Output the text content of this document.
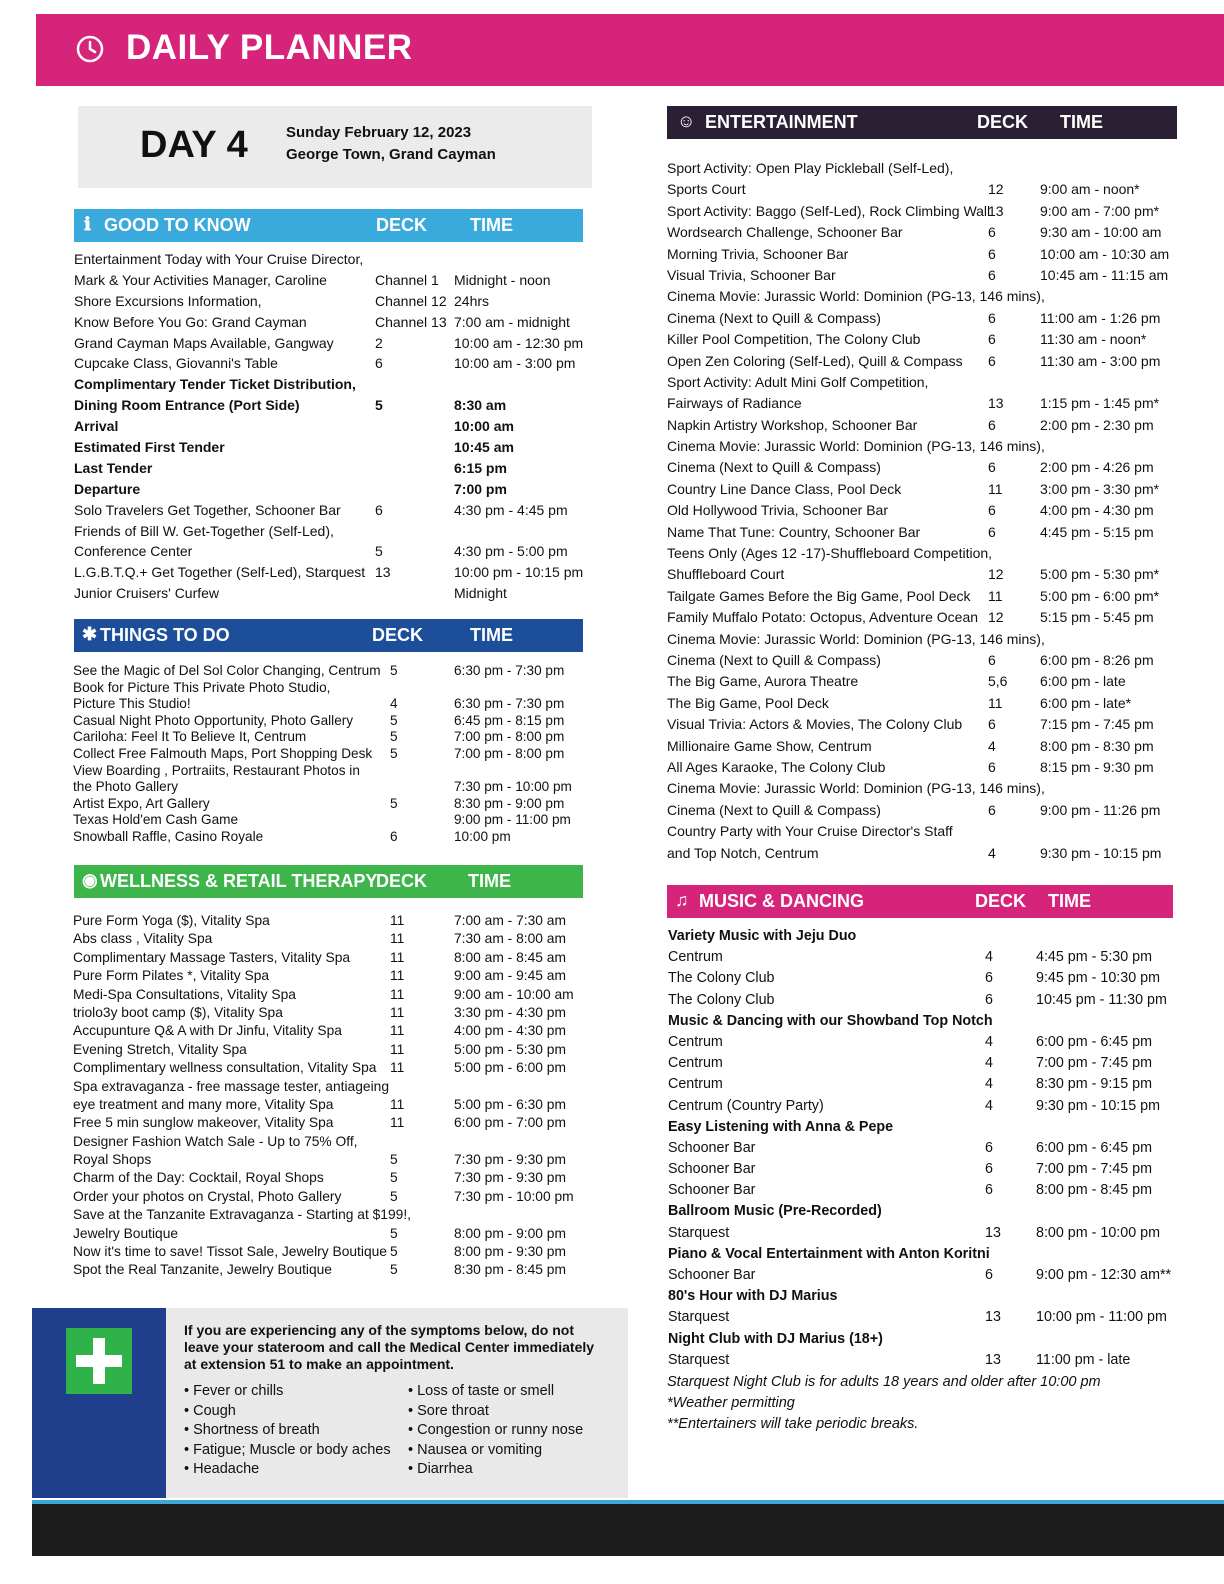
DAILY PLANNER
DAY 4	Sunday February 12, 2023
George Town, Grand Cayman
ℹ GOOD TO KNOW	DECK TIME
Entertainment Today with Your Cruise Director,
Mark & Your Activities Manager, Caroline	Channel 1 Midnight - noon
Shore Excursions Information,	Channel 12 24hrs
Know Before You Go: Grand Cayman	Channel 13 7:00 am - midnight
Grand Cayman Maps Available, Gangway	2	10:00 am - 12:30 pm
Cupcake Class, Giovanni's Table	6	10:00 am - 3:00 pm
Complimentary Tender Ticket Distribution,
Dining Room Entrance (Port Side)	5	8:30 am
Arrival	10:00 am
Estimated First Tender	10:45 am
Last Tender	6:15 pm
Departure	7:00 pm
Solo Travelers Get Together, Schooner Bar 6	4:30 pm - 4:45 pm
Friends of Bill W. Get-Together (Self-Led),
Conference Center	5	4:30 pm - 5:00 pm
L.G.B.T.Q.+ Get Together (Self-Led), Starquest 13	10:00 pm - 10:15 pm
Junior Cruisers' Curfew	Midnight
✱ THINGS TO DO	DECK	TIME
See the Magic of Del Sol Color Changing, Centrum 5	6:30 pm - 7:30 pm
Book for Picture This Private Photo Studio,
Picture This Studio!	4	6:30 pm - 7:30 pm
Casual Night Photo Opportunity, Photo Gallery	5	6:45 pm - 8:15 pm
Cariloha: Feel It To Believe It, Centrum	5	7:00 pm - 8:00 pm
Collect Free Falmouth Maps, Port Shopping Desk 5	7:00 pm - 8:00 pm
View Boarding , Portraiits, Restaurant Photos in
the Photo Gallery	7:30 pm - 10:00 pm
Artist Expo, Art Gallery	5	8:30 pm - 9:00 pm
Texas Hold'em Cash Game	9:00 pm - 11:00 pm
Snowball Raffle, Casino Royale	6	10:00 pm
◉ WELLNESS & RETAIL THERAPY
DECK TIME
Pure Form Yoga ($), Vitality Spa	11	7:00 am - 7:30 am
Abs class , Vitality Spa	11	7:30 am - 8:00 am
Complimentary Massage Tasters, Vitality Spa	11	8:00 am - 8:45 am
Pure Form Pilates *, Vitality Spa	11	9:00 am - 9:45 am
Medi-Spa Consultations, Vitality Spa	11	9:00 am - 10:00 am
triolo3y boot camp ($), Vitality Spa	11	3:30 pm - 4:30 pm
Accupunture Q& A with Dr Jinfu, Vitality Spa	11	4:00 pm - 4:30 pm
Evening Stretch, Vitality Spa	11	5:00 pm - 5:30 pm
Complimentary wellness consultation, Vitality Spa 11	5:00 pm - 6:00 pm
Spa extravaganza - free massage tester, antiageing
eye treatment and many more, Vitality Spa	11	5:00 pm - 6:30 pm
Free 5 min sunglow makeover, Vitality Spa	11	6:00 pm - 7:00 pm
Designer Fashion Watch Sale - Up to 75% Off,
Royal Shops	5	7:30 pm - 9:30 pm
Charm of the Day: Cocktail, Royal Shops	5	7:30 pm - 9:30 pm
Order your photos on Crystal, Photo Gallery	5	7:30 pm - 10:00 pm
Save at the Tanzanite Extravaganza - Starting at $199!,
Jewelry Boutique	5	8:00 pm - 9:00 pm
Now it's time to save! Tissot Sale, Jewelry Boutique 5	8:00 pm - 9:30 pm
Spot the Real Tanzanite, Jewelry Boutique	5	8:30 pm - 8:45 pm
If you are experiencing any of the symptoms below, do not leave your stateroom and call the Medical Center immediately at extension 51 to make an appointment.
• Fever or chills
• Cough
• Shortness of breath
• Fatigue; Muscle or body aches
• Headache
• Loss of taste or smell
• Sore throat
• Congestion or runny nose
• Nausea or vomiting
• Diarrhea
☺ ENTERTAINMENT	DECK TIME
Sport Activity: Open Play Pickleball (Self-Led),
Sports Court	12	9:00 am - noon*
Sport Activity: Baggo (Self-Led), Rock Climbing Wall
13	9:00 am - 7:00 pm*
Wordsearch Challenge, Schooner Bar	6	9:30 am - 10:00 am
Morning Trivia, Schooner Bar	6	10:00 am - 10:30 am
Visual Trivia, Schooner Bar	6	10:45 am - 11:15 am
Cinema Movie: Jurassic World: Dominion (PG-13, 146 mins),
Cinema (Next to Quill & Compass)	6	11:00 am - 1:26 pm
Killer Pool Competition, The Colony Club	6	11:30 am - noon*
Open Zen Coloring (Self-Led), Quill & Compass 6	11:30 am - 3:00 pm
Sport Activity: Adult Mini Golf Competition,
Fairways of Radiance	13	1:15 pm - 1:45 pm*
Napkin Artistry Workshop, Schooner Bar	6	2:00 pm - 2:30 pm
Cinema Movie: Jurassic World: Dominion (PG-13, 146 mins),
Cinema (Next to Quill & Compass)	6	2:00 pm - 4:26 pm
Country Line Dance Class, Pool Deck	11	3:00 pm - 3:30 pm*
Old Hollywood Trivia, Schooner Bar	6	4:00 pm - 4:30 pm
Name That Tune: Country, Schooner Bar	6	4:45 pm - 5:15 pm
Teens Only (Ages 12 -17)-Shuffleboard Competition,
Shuffleboard Court	12	5:00 pm - 5:30 pm*
Tailgate Games Before the Big Game, Pool Deck 11	5:00 pm - 6:00 pm*
Family Muffalo Potato: Octopus, Adventure Ocean 12	5:15 pm - 5:45 pm
Cinema Movie: Jurassic World: Dominion (PG-13, 146 mins),
Cinema (Next to Quill & Compass)	6	6:00 pm - 8:26 pm
The Big Game, Aurora Theatre	5,6 6:00 pm - late
The Big Game, Pool Deck	11	6:00 pm - late*
Visual Trivia: Actors & Movies, The Colony Club 6	7:15 pm - 7:45 pm
Millionaire Game Show, Centrum	4	8:00 pm - 8:30 pm
All Ages Karaoke, The Colony Club	6	8:15 pm - 9:30 pm
Cinema Movie: Jurassic World: Dominion (PG-13, 146 mins),
Cinema (Next to Quill & Compass)	6	9:00 pm - 11:26 pm
Country Party with Your Cruise Director's Staff
and Top Notch, Centrum	4	9:30 pm - 10:15 pm
♫ MUSIC & DANCING	DECK TIME
Variety Music with Jeju Duo
Centrum	4	4:45 pm - 5:30 pm
The Colony Club	6	9:45 pm - 10:30 pm
The Colony Club	6	10:45 pm - 11:30 pm
Music & Dancing with our Showband Top Notch
Centrum	4	6:00 pm - 6:45 pm
Centrum	4	7:00 pm - 7:45 pm
Centrum	4	8:30 pm - 9:15 pm
Centrum (Country Party)	4	9:30 pm - 10:15 pm
Easy Listening with Anna & Pepe
Schooner Bar	6	6:00 pm - 6:45 pm
Schooner Bar	6	7:00 pm - 7:45 pm
Schooner Bar	6	8:00 pm - 8:45 pm
Ballroom Music (Pre-Recorded)
Starquest	13 8:00 pm - 10:00 pm
Piano & Vocal Entertainment with Anton Koritni
Schooner Bar	6	9:00 pm - 12:30 am**
80's Hour with DJ Marius
Starquest	13 10:00 pm - 11:00 pm
Night Club with DJ Marius (18+)
Starquest	13 11:00 pm - late
Starquest Night Club is for adults 18 years and older after 10:00 pm
*Weather permitting
**Entertainers will take periodic breaks.
